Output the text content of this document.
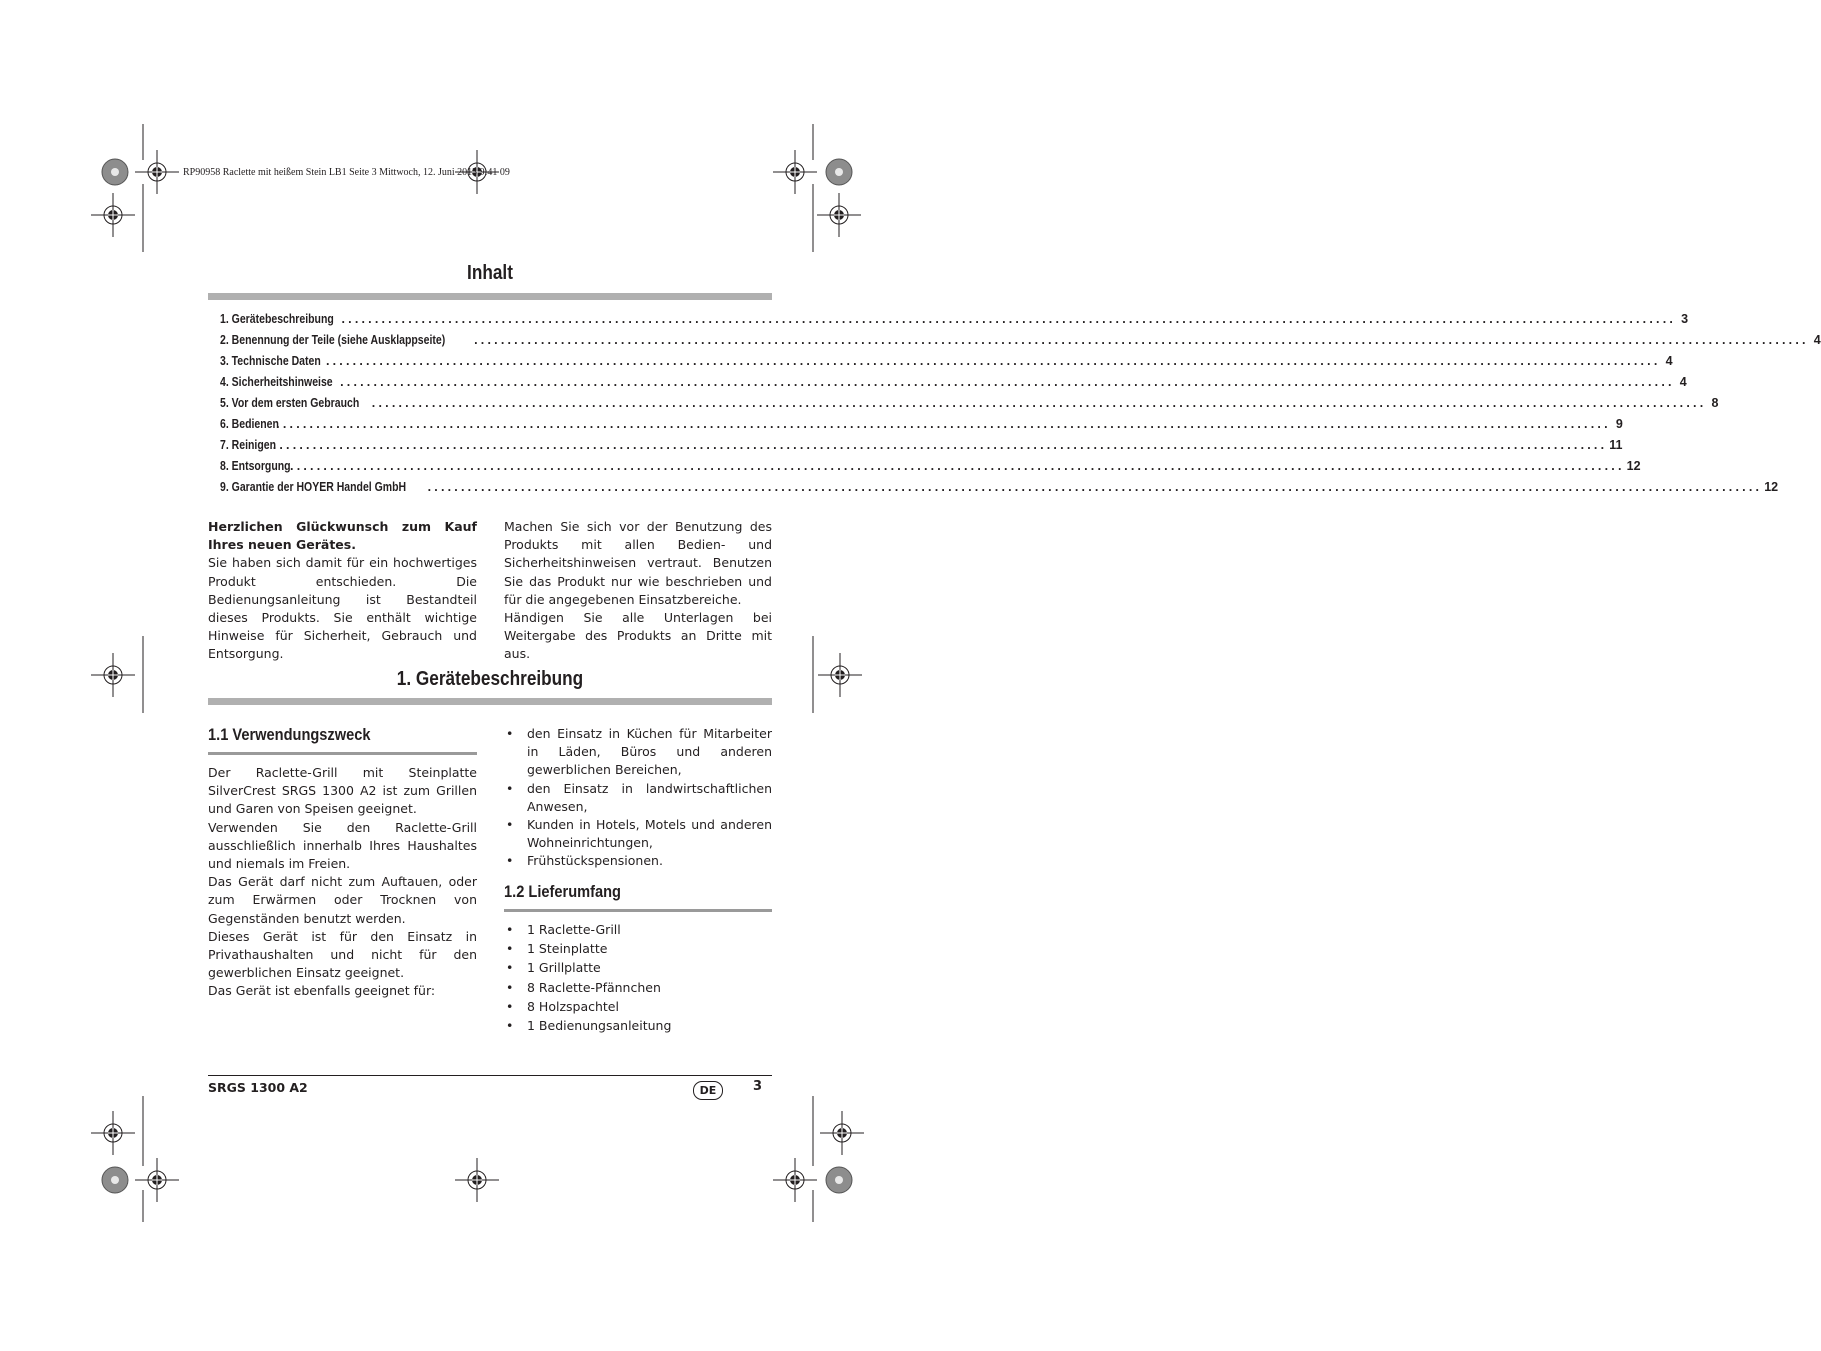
RP90958 Raclette mit heißem Stein LB1 Seite 3 Mittwoch, 12. Juni 2013 9:41 09
Inhalt
1. Gerätebeschreibung ........................................................................................................................................................................................................ 3
2. Benennung der Teile (siehe Ausklappseite) ........................................................................................................................................................................................................ 4
3. Technische Daten ........................................................................................................................................................................................................ 4
4. Sicherheitshinweise ........................................................................................................................................................................................................ 4
5. Vor dem ersten Gebrauch ........................................................................................................................................................................................................ 8
6. Bedienen
........................................................................................................................................................................................................ 9
7. Reinigen
........................................................................................................................................................................................................ 11
8. Entsorgung ........................................................................................................................................................................................................ 12
9. Garantie der HOYER Handel GmbH ........................................................................................................................................................................................................ 12

Herzlichen Glückwunsch zum Kauf Ihres neuen Gerätes.

Sie haben sich damit für ein hochwertiges Produkt entschieden. Die Bedienungsanleitung ist Bestandteil dieses Produkts. Sie enthält wichtige Hinweise für Sicherheit, Gebrauch und Entsorgung.

Machen Sie sich vor der Benutzung des Produkts mit allen Bedien- und Sicherheitshinweisen vertraut. Benutzen Sie das Produkt nur wie beschrieben und für die angegebenen Einsatzbereiche.

Händigen Sie alle Unterlagen bei Weitergabe des Produkts an Dritte mit aus.

1. Gerätebeschreibung
1.1 Verwendungszweck

Der Raclette-Grill mit Steinplatte SilverCrest SRGS 1300 A2 ist zum Grillen und Garen von Speisen geeignet.

Verwenden Sie den Raclette-Grill ausschließlich innerhalb Ihres Haushaltes und niemals im Freien.

Das Gerät darf nicht zum Auftauen, oder zum Erwärmen oder Trocknen von Gegenständen benutzt werden.

Dieses Gerät ist für den Einsatz in Privathaushalten und nicht für den gewerblichen Einsatz geeignet.

Das Gerät ist ebenfalls geeignet für:

• den Einsatz in Küchen für Mitarbeiter in Läden, Büros und anderen gewerblichen Bereichen,
• den Einsatz in landwirtschaftlichen Anwesen,
• Kunden in Hotels, Motels und anderen Wohneinrichtungen,
• Frühstückspensionen.
1.2 Lieferumfang
• 1 Raclette-Grill
• 1 Steinplatte
• 1 Grillplatte
• 8 Raclette-Pfännchen
• 8 Holzspachtel
• 1 Bedienungsanleitung
SRGS 1300 A2	DE	3
